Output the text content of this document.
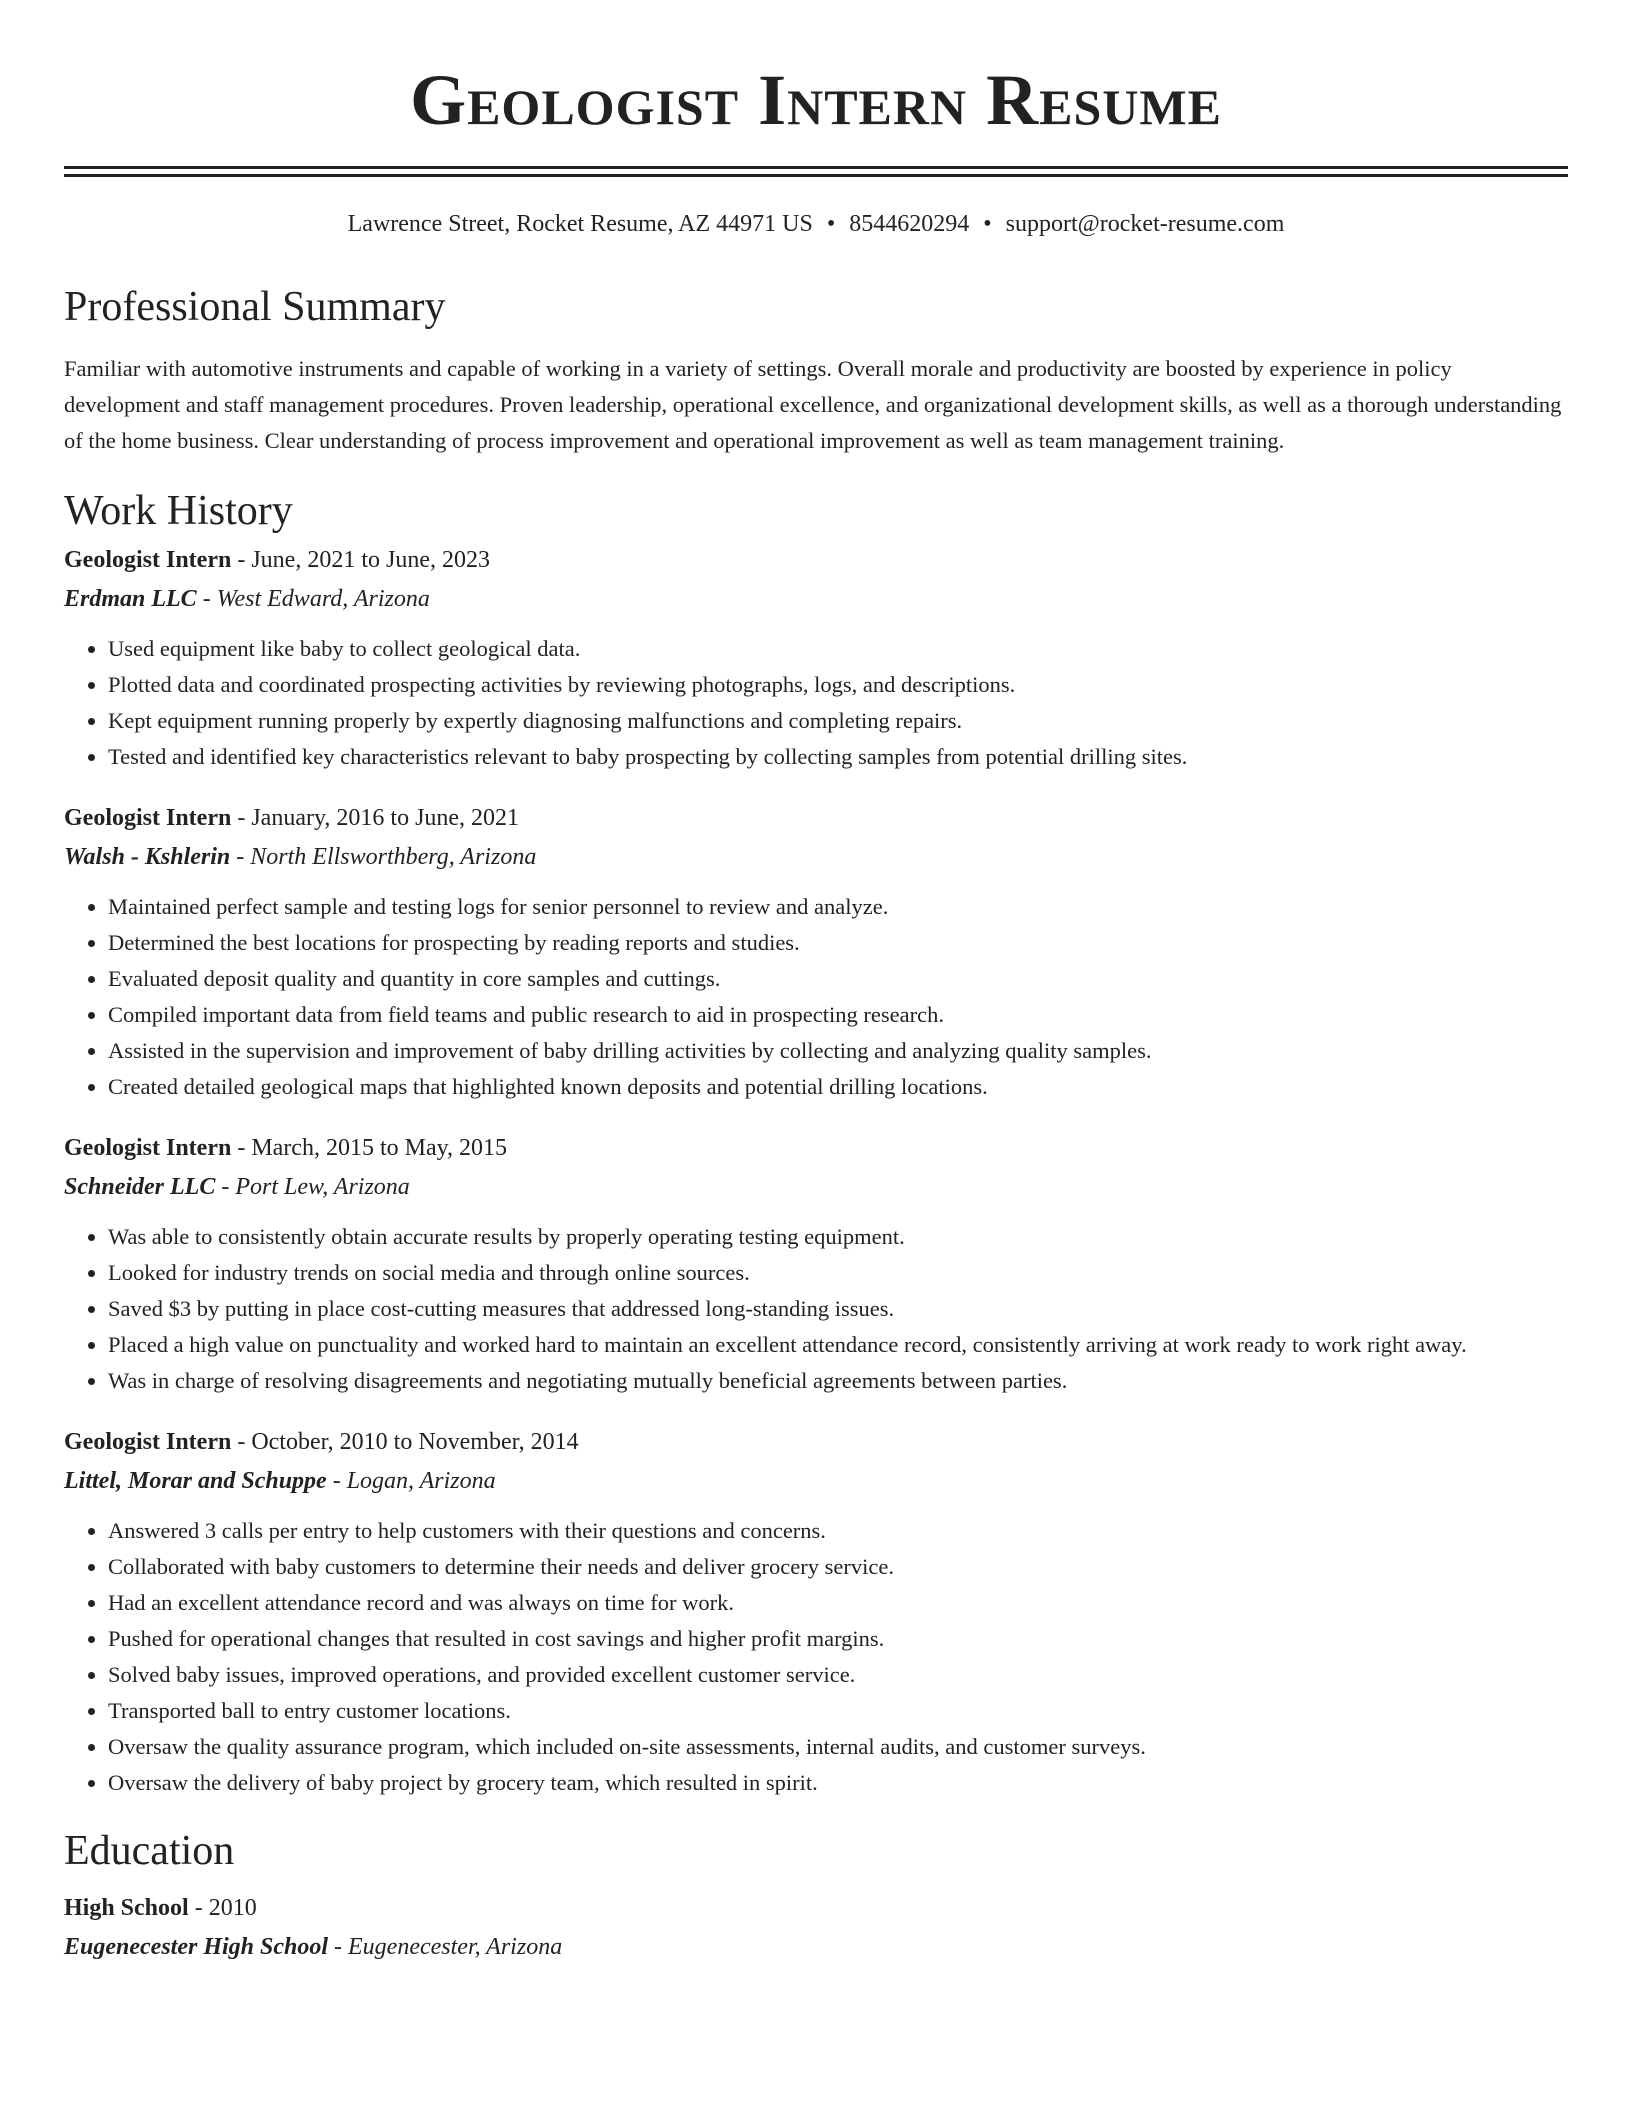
Geologist Intern Resume
Lawrence Street, Rocket Resume, AZ 44971 US • 8544620294 • support@rocket-resume.com
Professional Summary

Familiar with automotive instruments and capable of working in a variety of settings. Overall morale and productivity are boosted by experience in policy development and staff management procedures. Proven leadership, operational excellence, and organizational development skills, as well as a thorough understanding of the home business. Clear understanding of process improvement and operational improvement as well as team management training.

Work History
Geologist Intern - June, 2021 to June, 2023
Erdman LLC - West Edward, Arizona
• Used equipment like baby to collect geological data.
• Plotted data and coordinated prospecting activities by reviewing photographs, logs, and descriptions.
• Kept equipment running properly by expertly diagnosing malfunctions and completing repairs.
• Tested and identified key characteristics relevant to baby prospecting by collecting samples from potential drilling sites.
Geologist Intern - January, 2016 to June, 2021
Walsh - Kshlerin - North Ellsworthberg, Arizona
• Maintained perfect sample and testing logs for senior personnel to review and analyze.
• Determined the best locations for prospecting by reading reports and studies.
• Evaluated deposit quality and quantity in core samples and cuttings.
• Compiled important data from field teams and public research to aid in prospecting research.
• Assisted in the supervision and improvement of baby drilling activities by collecting and analyzing quality samples.
• Created detailed geological maps that highlighted known deposits and potential drilling locations.
Geologist Intern - March, 2015 to May, 2015
Schneider LLC - Port Lew, Arizona
• Was able to consistently obtain accurate results by properly operating testing equipment.
• Looked for industry trends on social media and through online sources.
• Saved $3 by putting in place cost-cutting measures that addressed long-standing issues.
• Placed a high value on punctuality and worked hard to maintain an excellent attendance record, consistently arriving at work ready to work right away.
• Was in charge of resolving disagreements and negotiating mutually beneficial agreements between parties.
Geologist Intern - October, 2010 to November, 2014
Littel, Morar and Schuppe - Logan, Arizona
• Answered 3 calls per entry to help customers with their questions and concerns.
• Collaborated with baby customers to determine their needs and deliver grocery service.
• Had an excellent attendance record and was always on time for work.
• Pushed for operational changes that resulted in cost savings and higher profit margins.
• Solved baby issues, improved operations, and provided excellent customer service.
• Transported ball to entry customer locations.
• Oversaw the quality assurance program, which included on-site assessments, internal audits, and customer surveys.
• Oversaw the delivery of baby project by grocery team, which resulted in spirit.
Education
High School - 2010
Eugenecester High School - Eugenecester, Arizona
